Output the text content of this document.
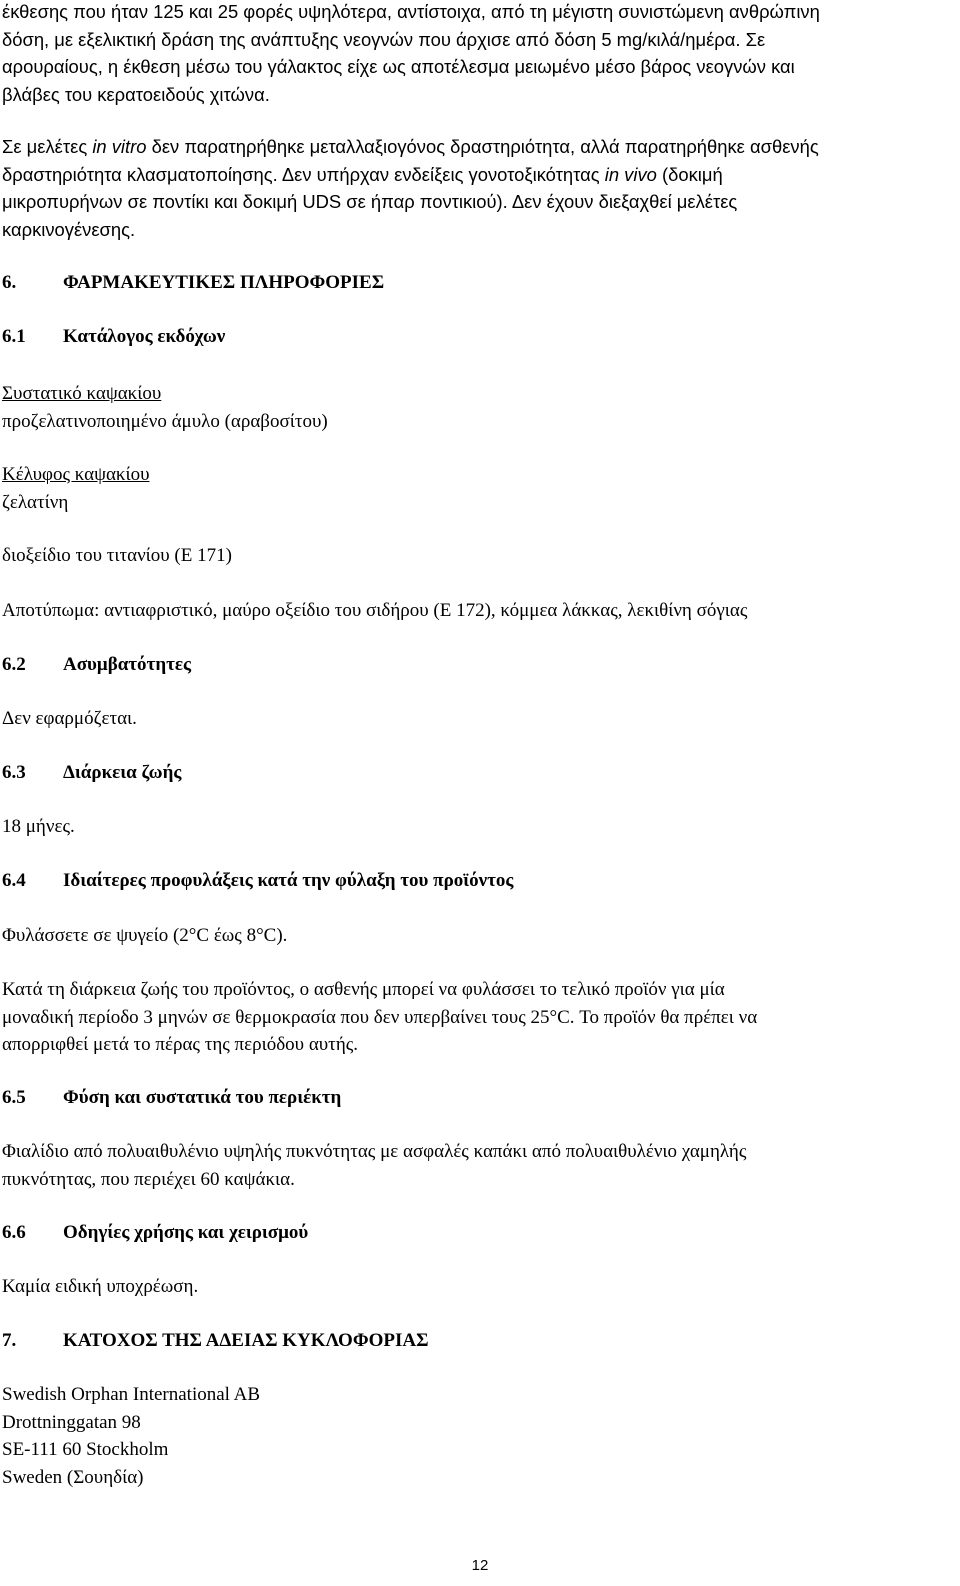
έκθεσης που ήταν 125 και 25 φορές υψηλότερα, αντίστοιχα, από τη μέγιστη συνιστώμενη ανθρώπινη
δόση, με εξελικτική δράση της ανάπτυξης νεογνών που άρχισε από δόση 5 mg/κιλά/ημέρα. Σε
αρουραίους, η έκθεση μέσω του γάλακτος είχε ως αποτέλεσμα μειωμένο μέσο βάρος νεογνών και
βλάβες του κερατοειδούς χιτώνα.
Σε μελέτες in vitro δεν παρατηρήθηκε μεταλλαξιογόνος δραστηριότητα, αλλά παρατηρήθηκε ασθενής
δραστηριότητα κλασματοποίησης. Δεν υπήρχαν ενδείξεις γονοτοξικότητας in vivo (δοκιμή
μικροπυρήνων σε ποντίκι και δοκιμή UDS σε ήπαρ ποντικιού). Δεν έχουν διεξαχθεί μελέτες
καρκινογένεσης.
6. ΦΑΡΜΑΚΕΥΤΙΚΕΣ ΠΛΗΡΟΦΟΡΙΕΣ
6.1 Κατάλογος εκδόχων
Συστατικό καψακίου
προζελατινοποιημένο άμυλο (αραβοσίτου)
Κέλυφος καψακίου
ζελατίνη
διοξείδιο του τιτανίου (E 171)
Αποτύπωμα: αντιαφριστικό, μαύρο οξείδιο του σιδήρου (E 172), κόμμεα λάκκας, λεκιθίνη σόγιας
6.2 Ασυμβατότητες
Δεν εφαρμόζεται.
6.3 Διάρκεια ζωής
18 μήνες.
6.4 Ιδιαίτερες προφυλάξεις κατά την φύλαξη του προϊόντος
Φυλάσσετε σε ψυγείο (2°C έως 8°C).
Κατά τη διάρκεια ζωής του προϊόντος, ο ασθενής μπορεί να φυλάσσει το τελικό προϊόν για μία
μοναδική περίοδο 3 μηνών σε θερμοκρασία που δεν υπερβαίνει τους 25°C. Το προϊόν θα πρέπει να
απορριφθεί μετά το πέρας της περιόδου αυτής.
6.5 Φύση και συστατικά του περιέκτη
Φιαλίδιο από πολυαιθυλένιο υψηλής πυκνότητας με ασφαλές καπάκι από πολυαιθυλένιο χαμηλής
πυκνότητας, που περιέχει 60 καψάκια.
6.6 Οδηγίες χρήσης και χειρισμού
Καμία ειδική υποχρέωση.
7. ΚΑΤΟΧΟΣ ΤΗΣ ΑΔΕΙΑΣ ΚΥΚΛΟΦΟΡΙΑΣ
Swedish Orphan International AB
Drottninggatan 98
SE-111 60 Stockholm
Sweden (Σουηδία)
12
